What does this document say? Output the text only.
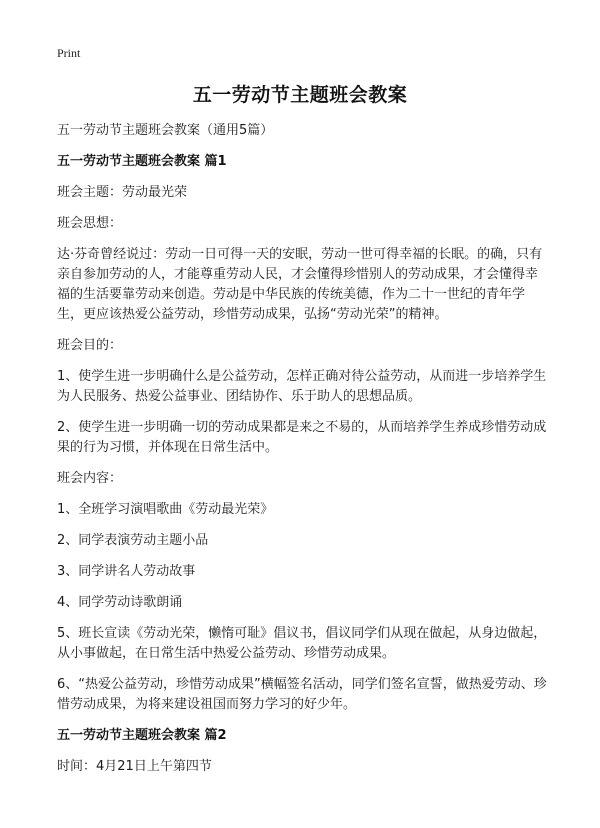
Print
五一劳动节主题班会教案
五一劳动节主题班会教案（通用5篇）
五一劳动节主题班会教案 篇1
班会主题：劳动最光荣
班会思想：
达·芬奇曾经说过：劳动一日可得一天的安眠，劳动一世可得幸福的长眠。的确，只有亲自参加劳动的人，才能尊重劳动人民，才会懂得珍惜别人的劳动成果，才会懂得幸福的生活要靠劳动来创造。劳动是中华民族的传统美德，作为二十一世纪的青年学生，更应该热爱公益劳动，珍惜劳动成果，弘扬“劳动光荣”的精神。
班会目的：
1、使学生进一步明确什么是公益劳动，怎样正确对待公益劳动，从而进一步培养学生为人民服务、热爱公益事业、团结协作、乐于助人的思想品质。
2、使学生进一步明确一切的劳动成果都是来之不易的，从而培养学生养成珍惜劳动成果的行为习惯，并体现在日常生活中。
班会内容：
1、全班学习演唱歌曲《劳动最光荣》
2、同学表演劳动主题小品
3、同学讲名人劳动故事
4、同学劳动诗歌朗诵
5、班长宣读《劳动光荣，懒惰可耻》倡议书，倡议同学们从现在做起，从身边做起，从小事做起，在日常生活中热爱公益劳动、珍惜劳动成果。
6、“热爱公益劳动，珍惜劳动成果”横幅签名活动，同学们签名宣誓，做热爱劳动、珍惜劳动成果，为将来建设祖国而努力学习的好少年。
五一劳动节主题班会教案 篇2
时间：4月21日上午第四节
